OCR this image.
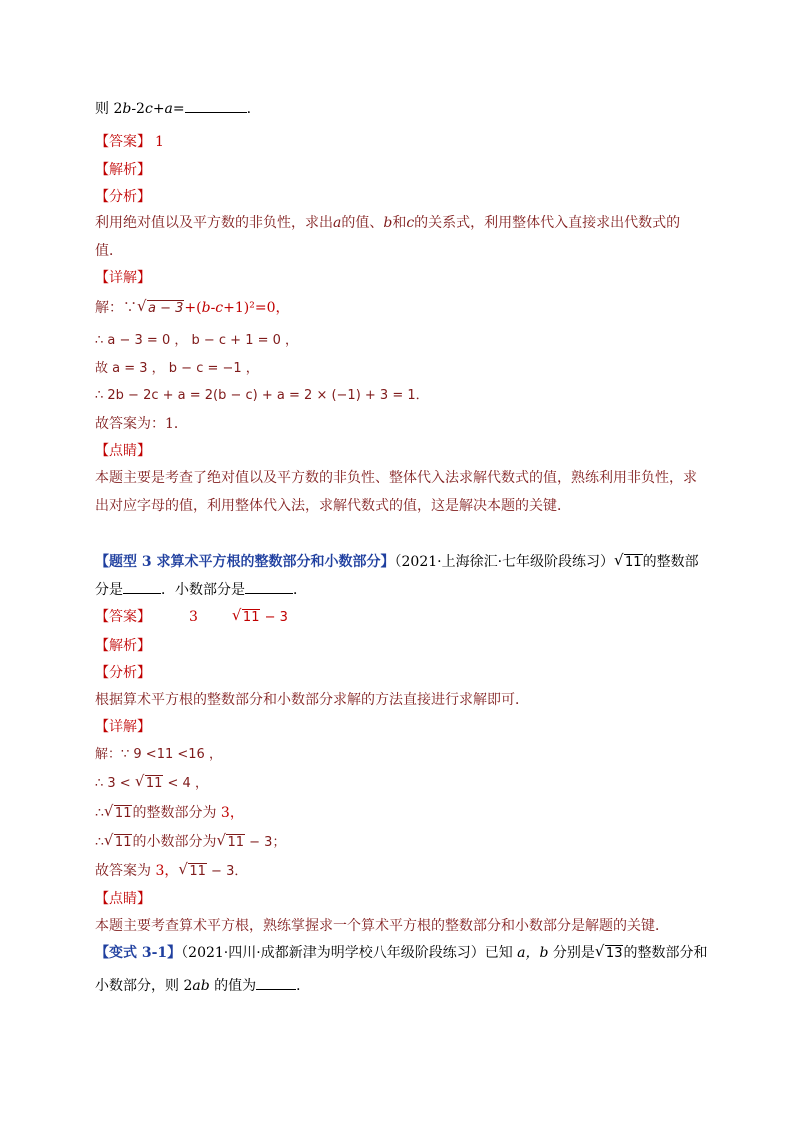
则 2b-2c+a=	.
【答案】 1
【解析】
【分析】
利用绝对值以及平方数的非负性，求出a的值、b和c的关系式，利用整体代入直接求出代数式的
值．
【详解】
解：∵ √ a − 3+(b-c+1)²=0，
∴ a − 3 = 0 ， b − c + 1 = 0 ，
故 a = 3 ， b − c = −1 ，
∴ 2b − 2c + a = 2(b − c) + a = 2 × (−1) + 3 = 1．
故答案为：1．
【点睛】
本题主要是考查了绝对值以及平方数的非负性、整体代入法求解代数式的值，熟练利用非负性，求
出对应字母的值，利用整体代入法，求解代数式的值，这是解决本题的关键．
【题型 3 求算术平方根的整数部分和小数部分】（2021·上海徐汇·七年级阶段练习） √ 11的整数部
分是	．小数部分是	．
【答案】	3 √ 11 − 3
【解析】
【分析】
根据算术平方根的整数部分和小数部分求解的方法直接进行求解即可．
【详解】
解：∵ 9 <11 <16 ，
∴ 3 < √ 11 < 4 ，
∴ √ 11的整数部分为 3，
∴ √ 11的小数部分为 √ 11 − 3；
故答案为 3， √ 11 − 3．
【点睛】
本题主要考查算术平方根，熟练掌握求一个算术平方根的整数部分和小数部分是解题的关键．
【变式 3-1】（2021·四川·成都新津为明学校八年级阶段练习）已知 a，b 分别是 √ 13的整数部分和
小数部分，则 2ab 的值为	．
